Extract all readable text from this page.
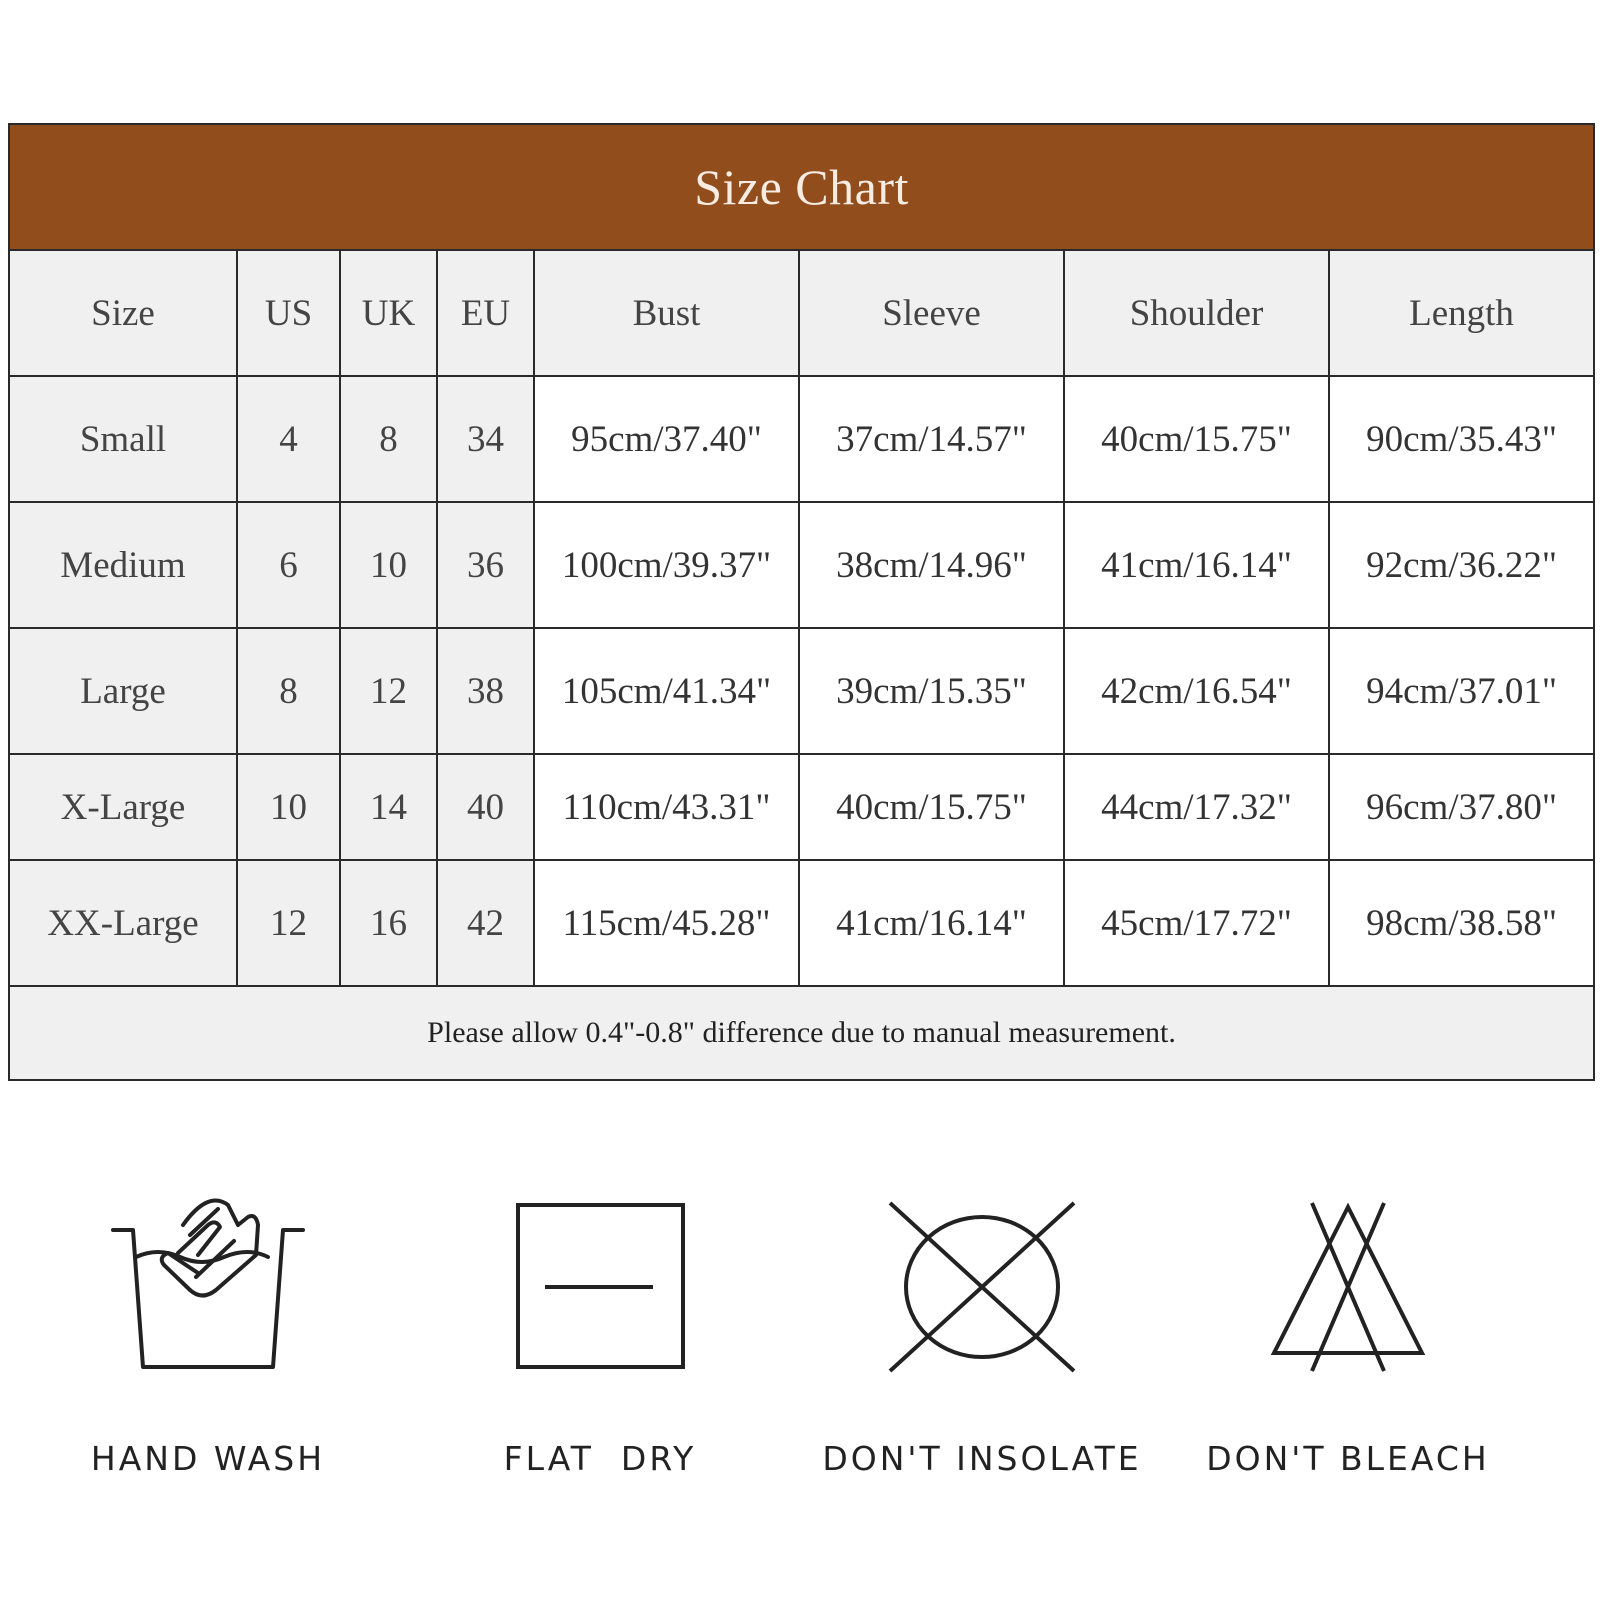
Size Chart							
Size	US	UK	EU	Bust	Sleeve	Shoulder	Length
Small	4	8	34	95cm/37.40"	37cm/14.57"	40cm/15.75"	90cm/35.43"
Medium	6	10	36	100cm/39.37"	38cm/14.96"	41cm/16.14"	92cm/36.22"
Large	8	12	38	105cm/41.34"	39cm/15.35"	42cm/16.54"	94cm/37.01"
X-Large	10	14	40	110cm/43.31"	40cm/15.75"	44cm/17.32"	96cm/37.80"
XX-Large	12	16	42	115cm/45.28"	41cm/16.14"	45cm/17.72"	98cm/38.58"
Please allow 0.4"-0.8" difference due to manual measurement.							
HAND WASH	FLAT  DRY	DON'T INSOLATE	DON'T BLEACH
